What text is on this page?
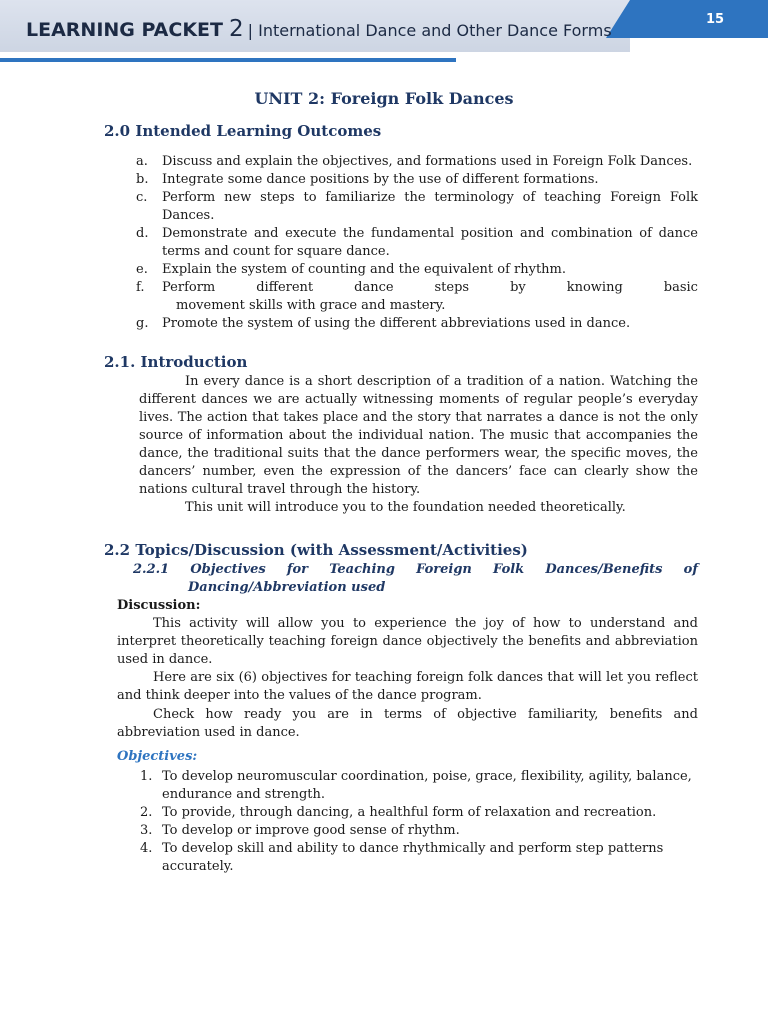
LEARNING PACKET 2 | International Dance and Other Dance Forms
15
UNIT 2: Foreign Folk Dances
2.0 Intended Learning Outcomes
a. Discuss and explain the objectives, and formations used in Foreign Folk Dances.
b. Integrate some dance positions by the use of different formations.
c. Perform new steps to familiarize the terminology of teaching Foreign Folk Dances.
d. Demonstrate and execute the fundamental position and combination of dance terms and count for square dance.
e. Explain the system of counting and the equivalent of rhythm.
f. Perform	different	dance	steps	by	knowing	basic
movement skills with grace and mastery.
g. Promote the system of using the different abbreviations used in dance.
2.1. Introduction
In every dance is a short description of a tradition of a nation. Watching the different dances we are actually witnessing moments of regular people’s everyday lives. The action that takes place and the story that narrates a dance is not the only source of information about the individual nation. The music that accompanies the dance, the traditional suits that the dance performers wear, the specific moves, the dancers’ number, even the expression of the dancers’ face can clearly show the nations cultural travel through the history.
This unit will introduce you to the foundation needed theoretically.
2.2 Topics/Discussion (with Assessment/Activities)
2.2.1 Objectives for Teaching Foreign Folk Dances/Benefits of
Dancing/Abbreviation used
Discussion:
This activity will allow you to experience the joy of how to understand and interpret theoretically teaching foreign dance objectively the benefits and abbreviation used in dance.
Here are six (6) objectives for teaching foreign folk dances that will let you reflect and think deeper into the values of the dance program.
Check how ready you are in terms of objective familiarity, benefits and abbreviation used in dance.
Objectives:
1. To develop neuromuscular coordination, poise, grace, flexibility, agility, balance, endurance and strength.
2. To provide, through dancing, a healthful form of relaxation and recreation.
3. To develop or improve good sense of rhythm.
4. To develop skill and ability to dance rhythmically and perform step patterns accurately.
